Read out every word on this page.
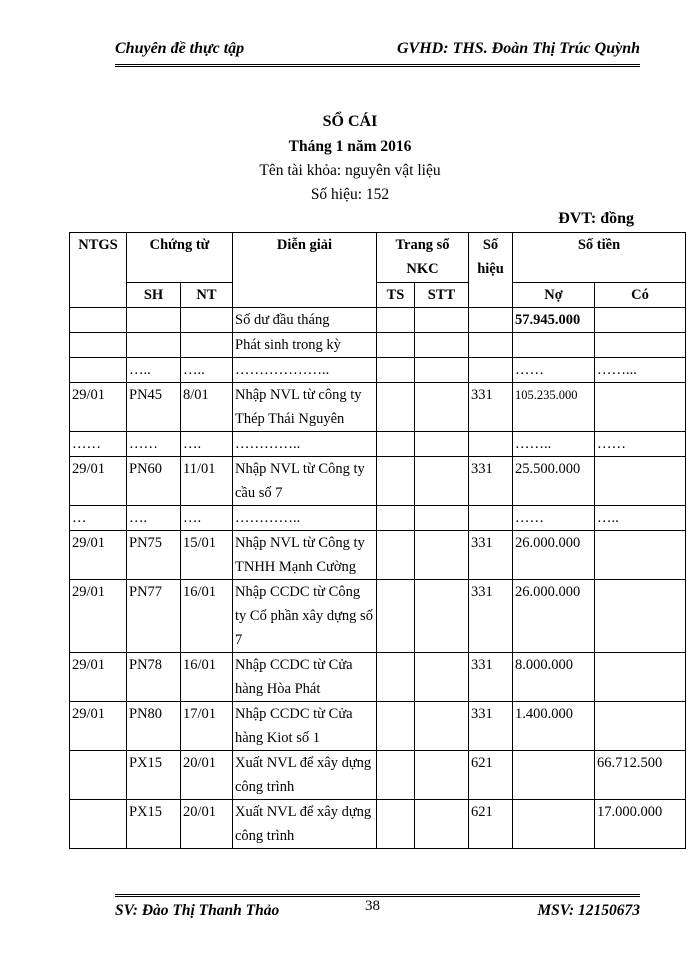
Chuyên đề thực tập	GVHD: THS. Đoàn Thị Trúc Quỳnh
SỔ CÁI
Tháng 1 năm 2016
Tên tài khỏa: nguyên vật liệu
Số hiệu: 152
ĐVT: đồng
NTGS	Chứng từ		Diễn giải	Trang sổ NKC		Số hiệu	Số tiền	
	SH	NT		TS	STT		Nợ	Có
			Số dư đầu tháng				57.945.000	
			Phát sinh trong kỳ					
	…..	…..	………………..				……	……...
29/01	PN45	8/01	Nhập NVL từ công ty Thép Thái Nguyên			331	105.235.000	
……	……	….	…………..				……..	……
29/01	PN60	11/01	Nhập NVL từ Công ty cầu số 7			331	25.500.000	
…	….	….	…………..				……	…..
29/01	PN75	15/01	Nhập NVL từ Công ty TNHH Mạnh Cường			331	26.000.000	
29/01	PN77	16/01	Nhập CCDC từ Công ty Cổ phần xây dựng số 7			331	26.000.000	
29/01	PN78	16/01	Nhập CCDC từ Cửa hàng Hòa Phát			331	8.000.000	
29/01	PN80	17/01	Nhập CCDC từ Cửa hàng Kiot số 1			331	1.400.000	
	PX15	20/01	Xuất NVL để xây dựng công trình			621		66.712.500
	PX15	20/01	Xuất NVL để xây dựng công trình			621		17.000.000
SV: Đào Thị Thanh Thảo	38	MSV: 12150673
